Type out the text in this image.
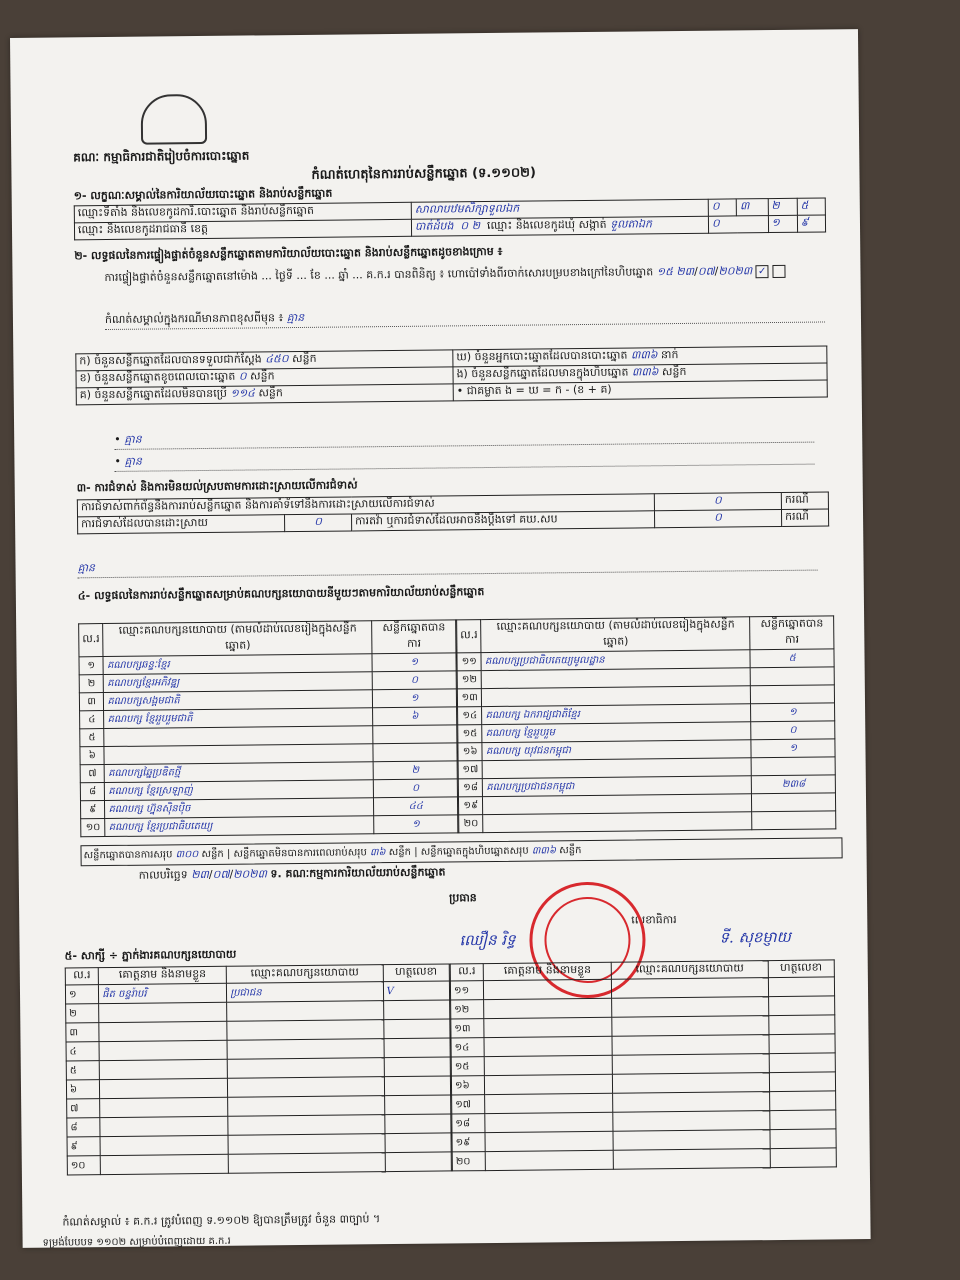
គណៈ កម្មាធិការជាតិរៀបចំការបោះឆ្នោត
កំណត់ហេតុនៃការរាប់សន្លឹកឆ្នោត (ទ.១១០២)
១- លក្ខណៈសម្គាល់នៃការិយាល័យបោះឆ្នោត និងរាប់សន្លឹកឆ្នោត
ឈ្មោះទីតាំង និងលេខកូដការិ.បោះឆ្នោត និងរាប់សន្លឹកឆ្នោត	សាលាបឋមសិក្សាទួលឯក	០	៣	២	៥
ឈ្មោះ និងលេខកូដរាជធានី ខេត្ត	បាត់ដំបង ០ ២ ឈ្មោះ និងលេខកូដឃុំ សង្កាត់ ទួលតាឯក	០		១	៩
២- លទ្ធផលនៃការផ្ទៀងផ្ទាត់ចំនួនសន្លឹកឆ្នោតតាមការិយាល័យបោះឆ្នោត និងរាប់សន្លឹកឆ្នោតដូចខាងក្រោម ៖
ការផ្ទៀងផ្ទាត់ចំនួនសន្លឹកឆ្នោតនៅម៉ោង ... ថ្ងៃទី ... ខែ ... ឆ្នាំ ... គ.ក.រ បានពិនិត្យ ៖ ហោប៉ៅទាំងពីរចាក់សោរបម្របខាងក្រៅនៃហិបឆ្នោត ១៥ ២៣/០៧/២០២៣ ✓
កំណត់សម្គាល់ក្នុងករណីមានភាពខុសពីមុន ៖ គ្មាន
ក) ចំនួនសន្លឹកឆ្នោតដែលបានទទួលជាក់ស្ដែង ៤៥០ សន្លឹក	ឃ) ចំនួនអ្នកបោះឆ្នោតដែលបានបោះឆ្នោត ៣៣៦ នាក់
ខ) ចំនួនសន្លឹកឆ្នោតខូចពេលបោះឆ្នោត ០ សន្លឹក	ង) ចំនួនសន្លឹកឆ្នោតដែលមានក្នុងហិបឆ្នោត ៣៣៦ សន្លឹក
គ) ចំនួនសន្លឹកឆ្នោតដែលមិនបានប្រើ ១១៤ សន្លឹក	• ជាគម្លាត ង = ឃ = ក - (ខ + គ)
• គ្មាន
• គ្មាន
៣- ការជំទាស់ និងការមិនយល់ស្របតាមការដោះស្រាយលើការជំទាស់
ការជំទាស់ពាក់ព័ន្ធនឹងការរាប់សន្លឹកឆ្នោត និងការគាំទ័ទៅនឹងការដោះស្រាយលើការជំទាស់			០	ករណី
ការជំទាស់ដែលបានដោះស្រាយ	០	ការតវ៉ា ឬការជំទាស់ដែលអាចនឹងប្ដឹងទៅ គឃ.សប	០	ករណី
គ្មាន
៤- លទ្ធផលនៃការរាប់សន្លឹកឆ្នោតសម្រាប់គណបក្សនយោបាយនីមួយៗតាមការិយាល័យរាប់សន្លឹកឆ្នោត
ល.រ	ឈ្មោះគណបក្សនយោបាយ (តាមលំដាប់លេខរៀងក្នុងសន្លឹកឆ្នោត)	សន្លឹកឆ្នោតបានការ
១	គណបក្សឆន្ទៈខ្មែរ	១
២	គណបក្សខ្មែរអភិវឌ្ឍ	០
៣	គណបក្សសង្គមជាតិ	១
៤	គណបក្ស ខ្មែររួបរួមជាតិ	៦
៥		
៦		
៧	គណបក្សឆ្នៃប្រឌិតថ្មី	២
៨	គណបក្ស ខ្មែរស្រឡាញ់	០
៩	គណបក្ស ហ្វ៊ុនស៊ិនប៉ិច	៤៤
១០	គណបក្ស ខ្មែរប្រជាធិបតេយ្យ	១
ល.រ	ឈ្មោះគណបក្សនយោបាយ (តាមលំដាប់លេខរៀងក្នុងសន្លឹកឆ្នោត)	សន្លឹកឆ្នោតបានការ
១១	គណបក្សប្រជាធិបតេយ្យមូលដ្ឋាន	៥
១២		
១៣		
១៤	គណបក្ស ឯករាជ្យជាតិខ្មែរ	១
១៥	គណបក្ស ខ្មែររួបរួម	០
១៦	គណបក្ស យុវជនកម្ពុជា	១
១៧		
១៨	គណបក្សប្រជាជនកម្ពុជា	២៣៨
១៩		
២០		
សន្លឹកឆ្នោតបានការសរុប ៣០០ សន្លឹក | សន្លឹកឆ្នោតមិនបានការពេលរាប់សរុប ៣៦ សន្លឹក | សន្លឹកឆ្នោតក្នុងហិបឆ្នោតសរុប ៣៣៦ សន្លឹក
កាលបរិច្ឆេទ ២៣/០៧/២០២៣ ទ. គណៈកម្មការការិយាល័យរាប់សន្លឹកឆ្នោត
ប្រធាន
ឈឿន រិទ្ធ
លេខាធិការ
ទី. សុខម្ញាយ
៥- សាក្សី ÷ ភ្នាក់ងារគណបក្សនយោបាយ
ល.រ	គោត្តនាម និងនាមខ្លួន	ឈ្មោះគណបក្សនយោបាយ	ហត្ថលេខា
១	ផិត ចន្ទរ៉ាបរិ	ប្រជាជន	V
២			
៣			
៤			
៥			
៦			
៧			
៨			
៩			
១០			
ល.រ	គោត្តនាម និងនាមខ្លួន	ឈ្មោះគណបក្សនយោបាយ	ហត្ថលេខា
១១			
១២			
១៣			
១៤			
១៥			
១៦			
១៧			
១៨			
១៩			
២០			
កំណត់សម្គាល់ ៖ គ.ក.រ ត្រូវបំពេញ ទ.១១០២ ឱ្យបានត្រឹមត្រូវ ចំនួន ៣ច្បាប់ ។
ទម្រង់បែបបទ ១១០២ សម្រាប់បំពេញដោយ គ.ក.រ
